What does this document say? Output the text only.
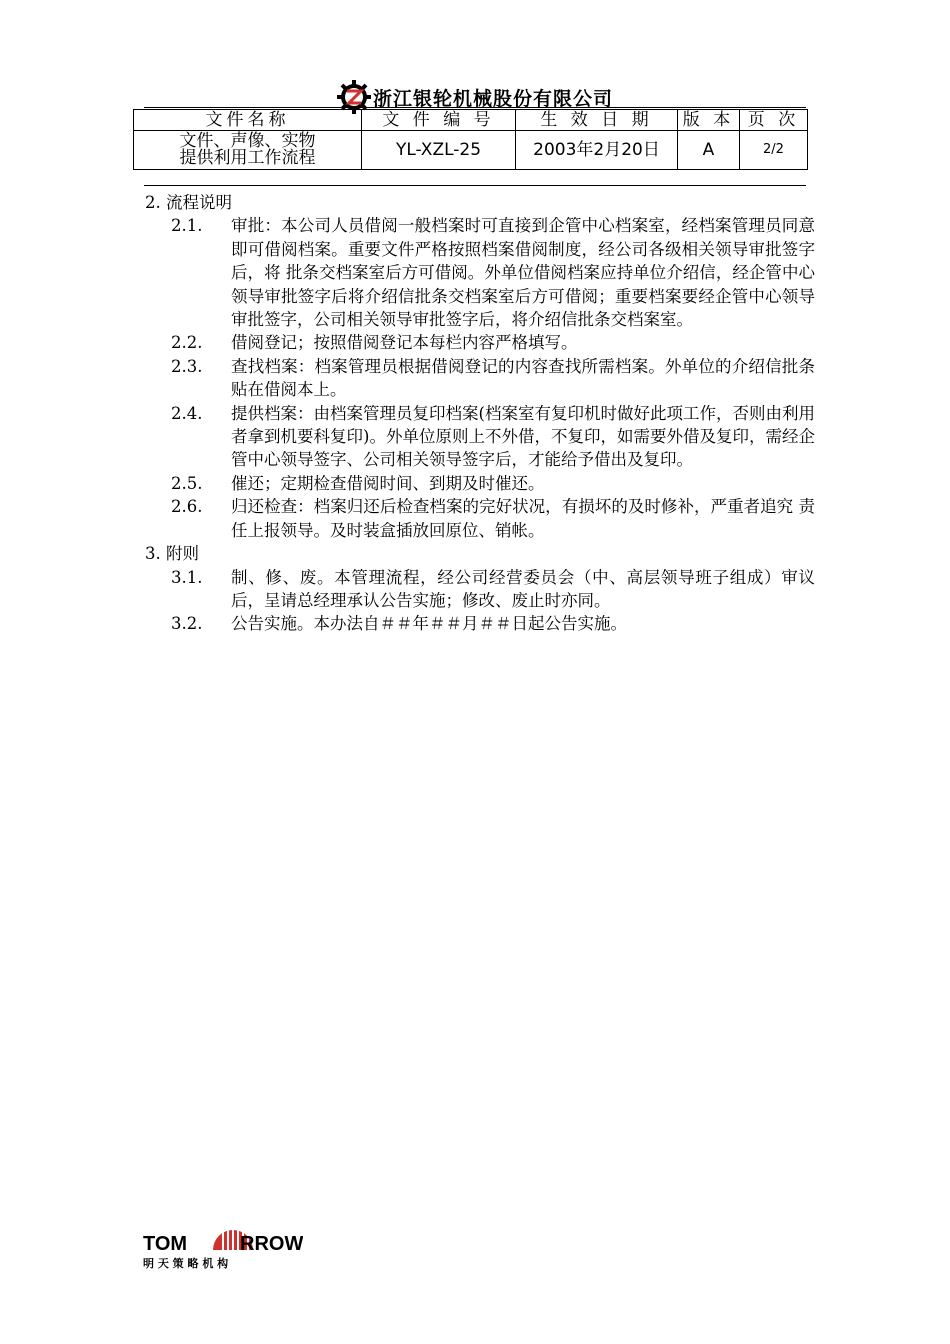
浙江银轮机械股份有限公司
文件名称	文 件 编 号	生 效 日 期	版 本	页 次

文件、声像、实物
提供利用工作流程	YL-XZL-25	2003年2月20日	A	2/2
2. 流程说明
2.1.	审批：本公司人员借阅一般档案时可直接到企管中心档案室，经档案管理员同意 即可借阅档案。重要文件严格按照档案借阅制度，经公司各级相关领导审批签字后，将 批条交档案室后方可借阅。外单位借阅档案应持单位介绍信，经企管中心领导审批签字后将介绍信批条交档案室后方可借阅；重要档案要经企管中心领导审批签字，公司相关领导审批签字后，将介绍信批条交档案室。
2.2.	借阅登记；按照借阅登记本每栏内容严格填写。
2.3.	查找档案：档案管理员根据借阅登记的内容查找所需档案。外单位的介绍信批条贴在借阅本上。
2.4.	提供档案：由档案管理员复印档案(档案室有复印机时做好此项工作，否则由利用者拿到机要科复印)。外单位原则上不外借，不复印，如需要外借及复印，需经企管中心领导签字、公司相关领导签字后，才能给予借出及复印。
2.5.	催还；定期检查借阅时间、到期及时催还。
2.6.	归还检查：档案归还后检查档案的完好状况，有损坏的及时修补，严重者追究 责任上报领导。及时装盒插放回原位、销帐。
3. 附则
3.1.	制、修、废。本管理流程，经公司经营委员会（中、高层领导班子组成）审议后，呈请总经理承认公告实施；修改、废止时亦同。
3.2.	公告实施。本办法自＃＃年＃＃月＃＃日起公告实施。
TOM	RROW
明 天 策 略 机 构
